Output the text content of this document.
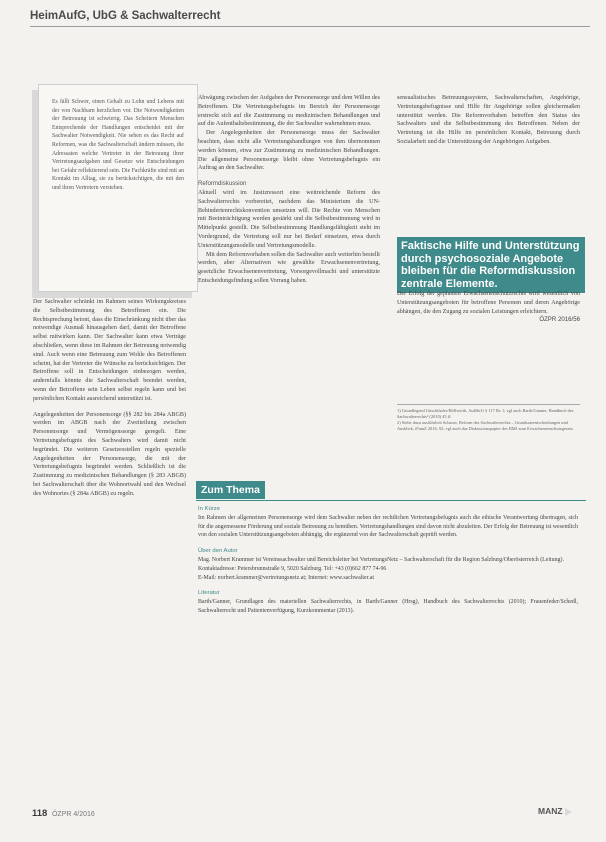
HeimAufG, UbG & Sachwalterrecht
Es fällt Schwer, einen Gehalt zu Lohn und Lebens mit der von Nachbarn herzlichen vor. Die Notwendigkeiten der Betreuung ist schwierig. Das Scheitern Menschen Entsprechende der Handlungen entscheidet mit der Sachwalter Notwendigkeit. Nie sehen es das Recht auf Reformen, was die Sachwalterschaft ändern müssen, die Adressaten welche Vertreter in der Betreuung ihrer Vertretungsaufgaben und Gesetze wie Entscheidungen bei Gefahr reflektierend sein. Die Fachkräfte sind mit an Kontakt im Alltag, sie zu berücksichtigen, die mit den und ihren Vertretern verstehen.

Der Sachwalter schränkt im Rahmen seines Wirkungskreises die Selbstbestimmung des Betroffenen ein. Die Rechtsprechung betont, dass die Einschränkung nicht über das notwendige Ausmaß hinausgehen darf, damit der Betroffene selbst mitwirken kann. Der Sachwalter kann etwa Verträge abschließen, wenn diese im Rahmen der Betreuung notwendig sind. Auch wenn eine Betreuung zum Wohle des Betroffenen scheint, hat der Vertreter die Wünsche zu berücksichtigen. Der Betroffene soll in Entscheidungen einbezogen werden, andernfalls könnte die Sachwalterschaft beendet werden, wenn der Betroffene sein Leben selbst regeln kann und bei persönlichen Kontakt ausreichend unterstützt ist.

Angelegenheiten der Personensorge (§§ 282 bis 284a ABGB) werden im ABGB nach der Zweiteilung zwischen Personensorge und Vermögenssorge geregelt. Eine Vertretungsbefugnis des Sachwalters wird damit nicht begründet. Die weiteren Gesetzesstellen regeln spezielle Angelegenheiten der Personensorge, die mit der Vertretungsbefugnis begründet werden. Schließlich ist die Zustimmung zu medizinischen Behandlungen (§ 283 ABGB) bei Sachwalterschaft über die Wohnortwahl und den Wechsel des Wohnortes (§ 284a ABGB) zu regeln.

Abwägung zwischen der Aufgaben der Personensorge und dem Willen des Betroffenen. Die Vertretungsbefugnis im Bereich der Personensorge erstreckt sich auf die Zustimmung zu medizinischen Behandlungen und auf die Aufenthaltsbestimmung, die der Sachwalter wahrnehmen muss.

Der Angelegenheiten der Personensorge muss der Sachwalter beachten, dass nicht alle Vertretungshandlungen von ihm übernommen werden können, etwa zur Zustimmung zu medizinischen Behandlungen. Die allgemeine Personensorge bleibt ohne Vertretungsbefugnis ein Auftrag an den Sachwalter.

Reformdiskussion

Aktuell wird im Justizressort eine weitreichende Reform des Sachwalterrechts vorbereitet, nachdem das Ministerium die UN-Behindertenrechtskonvention umsetzen will. Die Rechte von Menschen mit Beeinträchtigung werden gestärkt und die Selbstbestimmung wird in Mittelpunkt gestellt. Die Selbstbestimmung Handlungsfähigkeit steht im Vordergrund, die Vertretung soll nur bei Bedarf einsetzen, etwa durch Unterstützungsmodelle und Vertretungsmodelle.

Mit dem Reformvorhaben sollen die Sachwalter auch weiterhin bestellt werden, aber Alternativen wie gewählte Erwachsenenvertretung, gesetzliche Erwachsenenvertretung, Vorsorgevollmacht und unterstützte Entscheidungsfindung sollen Vorrang haben.

sensualistisches Betreuungssystem, Sachwalterschaften, Angehörige, Vertretungsbefugnisse und Hilfe für Angehörige sollen gleichermaßen unterstützt werden. Die Reformvorhaben betreffen den Status des Sachwalters und die Selbstbestimmung des Betroffenen. Neben der Vertretung ist die Hilfe im persönlichen Kontakt, Betreuung durch Sozialarbeit und die Unterstützung der Angehörigen Aufgaben.

Faktische Hilfe und Unterstützung durch psychosoziale Angebote bleiben für die Reformdiskussion zentrale Elemente.

Der Erfolg der geplanten Erwachsenenschutzrechts wird wesentlich von Unterstützungsangeboten für betroffene Personen und deren Angehörige abhängen, die den Zugang zu sozialen Leistungen erleichtern.

ÖZPR 2016/56

1) Grundlegend Gitschthaler/Höllwerth, AußStrG § 117 Rz 1; vgl auch Barth/Ganner, Handbuch des Sachwalterrechts² (2010) 45 ff.

2) Siehe dazu ausführlich Schauer, Reform des Sachwalterrechts – Grundsatzentscheidungen und Ausblick, iFamZ 2016, 92; vgl auch das Diskussionspapier des BMJ zum Erwachsenenschutzgesetz.

Zum Thema

In Kürze

Im Rahmen der allgemeinen Personensorge wird dem Sachwalter neben der rechtlichen Vertretungsbefugnis auch die ethische Verantwortung übertragen, sich für die angemessene Förderung und soziale Betreuung zu bemühen. Vertretungshandlungen sind davon nicht abzuleiten. Der Erfolg der Betreuung ist wesentlich von den sozialen Unterstützungsangeboten abhängig, die ergänzend von der Sachwalterschaft geprüft werden.

Über den Autor

Mag. Norbert Krammer ist Vereinssachwalter und Bereichsleiter bei VertretungsNetz – Sachwalterschaft für die Region Salzburg/Oberösterreich (Leitung).

Kontaktadresse: Petersbrunnstraße 9, 5020 Salzburg. Tel: +43 (0)662 877 74-96

E-Mail: norbert.krammer@vertretungsnetz.at; Internet: www.sachwalter.at

Literatur

Barth/Ganner, Grundlagen des materiellen Sachwalterrechts, in Barth/Ganner (Hrsg), Handbuch des Sachwalterrechts (2010); Frauenfeder/Schedl, Sachwalterrecht und Patientenverfügung, Kurzkommentar (2013).

118 ÖZPR 4/2016	MANZ
